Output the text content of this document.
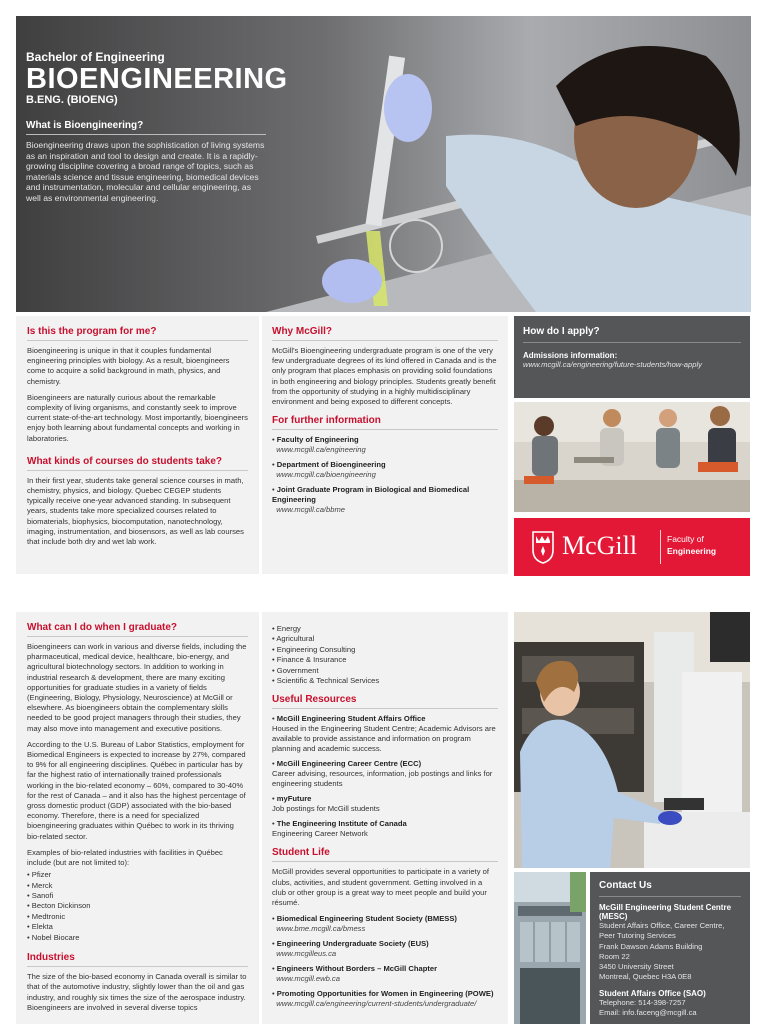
Bachelor of Engineering
BIOENGINEERING
B.ENG. (BIOENG)
What is Bioengineering?
Bioengineering draws upon the sophistication of living systems as an inspiration and tool to design and create. It is a rapidly-growing discipline covering a broad range of topics, such as materials science and tissue engineering, biomedical devices and instrumentation, molecular and cellular engineering, as well as environmental engineering.
Is this the program for me?
Bioengineering is unique in that it couples fundamental engineering principles with biology. As a result, bioengineers come to acquire a solid background in math, physics, and chemistry.
Bioengineers are naturally curious about the remarkable complexity of living organisms, and constantly seek to improve current state-of-the-art technology. Most importantly, bioengineers enjoy both learning about fundamental concepts and working in laboratories.
What kinds of courses do students take?
In their first year, students take general science courses in math, chemistry, physics, and biology. Quebec CEGEP students typically receive one-year advanced standing. In subsequent years, students take more specialized courses related to biomaterials, biophysics, biocomputation, nanotechnology, imaging, instrumentation, and biosensors, as well as lab courses that include both dry and wet lab work.
Why McGill?
McGill's Bioengineering undergraduate program is one of the very few undergraduate degrees of its kind offered in Canada and is the only program that places emphasis on providing solid foundations in both engineering and biology principles. Students greatly benefit from the opportunity of studying in a highly multidisciplinary environment and being exposed to different concepts.
For further information
• Faculty of Engineering
www.mcgill.ca/engineering
• Department of Bioengineering
www.mcgill.ca/bioengineering
• Joint Graduate Program in Biological and Biomedical Engineering
www.mcgill.ca/bbme
How do I apply?
Admissions information:
www.mcgill.ca/engineering/future-students/how-apply
McGill	Faculty of
Engineering
What can I do when I graduate?
Bioengineers can work in various and diverse fields, including the pharmaceutical, medical device, healthcare, bio-energy, and agricultural biotechnology sectors. In addition to working in industrial research & development, there are many exciting opportunities for graduate studies in a variety of fields (Engineering, Biology, Physiology, Neuroscience) at McGill or elsewhere. As bioengineers obtain the complementary skills needed to be good project managers through their studies, they may also move into management and executive positions.
According to the U.S. Bureau of Labor Statistics, employment for Biomedical Engineers is expected to increase by 27%, compared to 9% for all engineering disciplines. Québec in particular has by far the highest ratio of internationally trained professionals working in the bio-related economy – 60%, compared to 30-40% for the rest of Canada – and it also has the highest percentage of gross domestic product (GDP) associated with the bio-based economy. Therefore, there is a need for specialized bioengineering graduates within Québec to work in its thriving bio-related sector.
Examples of bio-related industries with facilities in Québec include (but are not limited to):
• Pfizer
• Merck
• Sanofi
• Becton Dickinson
• Medtronic
• Elekta
• Nobel Biocare
Industries
The size of the bio-based economy in Canada overall is similar to that of the automotive industry, slightly lower than the oil and gas industry, and roughly six times the size of the aerospace industry. Bioengineers are involved in several diverse topics
• Energy
• Agricultural
• Engineering Consulting
• Finance & Insurance
• Government
• Scientific & Technical Services
Useful Resources
• McGill Engineering Student Affairs Office
Housed in the Engineering Student Centre; Academic Advisors are available to provide assistance and information on program planning and academic success.
• McGill Engineering Career Centre (ECC)
Career advising, resources, information, job postings and links for engineering students
• myFuture
Job postings for McGill students
• The Engineering Institute of Canada
Engineering Career Network
Student Life
McGill provides several opportunities to participate in a variety of clubs, activities, and student government. Getting involved in a club or other group is a great way to meet people and build your résumé.
• Biomedical Engineering Student Society (BMESS)
www.bme.mcgill.ca/bmess
• Engineering Undergraduate Society (EUS)
www.mcgilleus.ca
• Engineers Without Borders – McGill Chapter
www.mcgill.ewb.ca
• Promoting Opportunities for Women in Engineering (POWE)
www.mcgill.ca/engineering/current-students/undergraduate/
Contact Us
McGill Engineering Student Centre (MESC)
Student Affairs Office, Career Centre, Peer Tutoring Services
Frank Dawson Adams Building
Room 22
3450 University Street
Montreal, Quebec H3A 0E8
Student Affairs Office (SAO)
Telephone: 514-398-7257
Email: info.faceng@mcgill.ca
